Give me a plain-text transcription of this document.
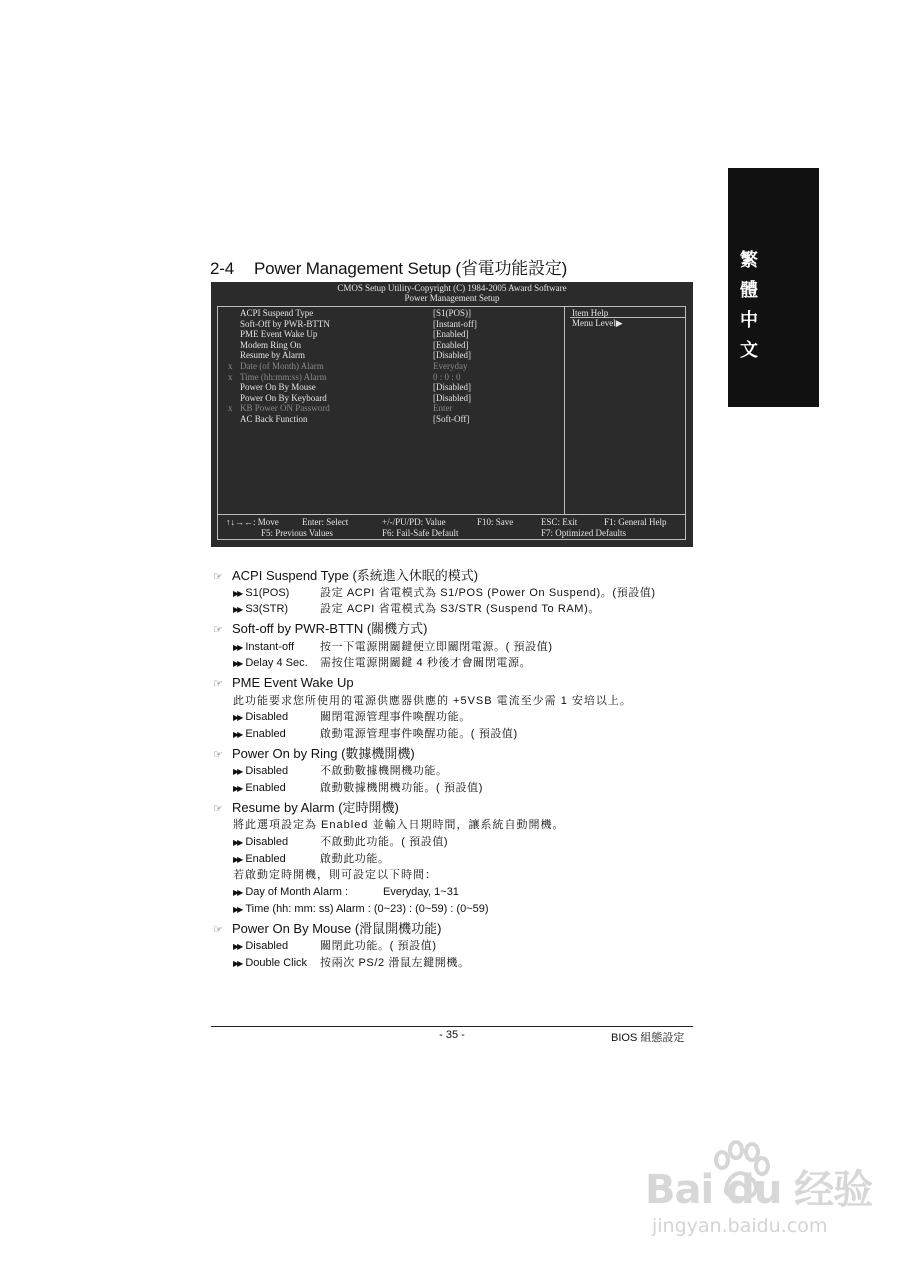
繁
體
中
文
2-4 Power Management Setup (省電功能設定)
CMOS Setup Utility-Copyright (C) 1984-2005 Award Software
Power Management Setup
ACPI Suspend Type	[S1(POS)]
Soft-Off by PWR-BTTN	[Instant-off]
PME Event Wake Up	[Enabled]
Modem Ring On	[Enabled]
Resume by Alarm	[Disabled]
x Date (of Month) Alarm	Everyday
x Time (hh:mm:ss) Alarm	0 : 0 : 0
Power On By Mouse	[Disabled]
Power On By Keyboard	[Disabled]
x KB Power ON Password	Enter
AC Back Function	[Soft-Off]
Item Help
Menu Level▶
↑↓→←: Move	Enter: Select	+/-/PU/PD: Value	F10: Save	ESC: Exit	F1: General Help
F5: Previous Values	F6: Fail-Safe Default	F7: Optimized Defaults
☞ ACPI Suspend Type (系統進入休眠的模式)
▶▶ S1(POS)	設定 ACPI 省電模式為 S1/POS (Power On Suspend)。(預設值)
▶▶ S3(STR)	設定 ACPI 省電模式為 S3/STR (Suspend To RAM)。
☞ Soft-off by PWR-BTTN (關機方式)
▶▶ Instant-off 按一下電源開關鍵便立即關閉電源。( 預設值)
▶▶ Delay 4 Sec. 需按住電源開關鍵 4 秒後才會關閉電源。
☞ PME Event Wake Up
此功能要求您所使用的電源供應器供應的 +5VSB 電流至少需 1 安培以上。
▶▶ Disabled	關閉電源管理事件喚醒功能。
▶▶ Enabled	啟動電源管理事件喚醒功能。( 預設值)
☞ Power On by Ring (數據機開機)
▶▶ Disabled	不啟動數據機開機功能。
▶▶ Enabled	啟動數據機開機功能。( 預設值)
☞ Resume by Alarm (定時開機)
將此選項設定為 Enabled 並輸入日期時間，讓系統自動開機。
▶▶ Disabled	不啟動此功能。( 預設值)
▶▶ Enabled	啟動此功能。
若啟動定時開機，則可設定以下時間：
▶▶ Day of Month Alarm :	Everyday, 1~31
▶▶ Time (hh: mm: ss) Alarm : (0~23) : (0~59) : (0~59)
☞ Power On By Mouse (滑鼠開機功能)
▶▶ Disabled	關閉此功能。( 預設值)
▶▶ Double Click 按兩次 PS/2 滑鼠左鍵開機。
- 35 -	BIOS 組態設定
Bai du 经验
jingyan.baidu.com
